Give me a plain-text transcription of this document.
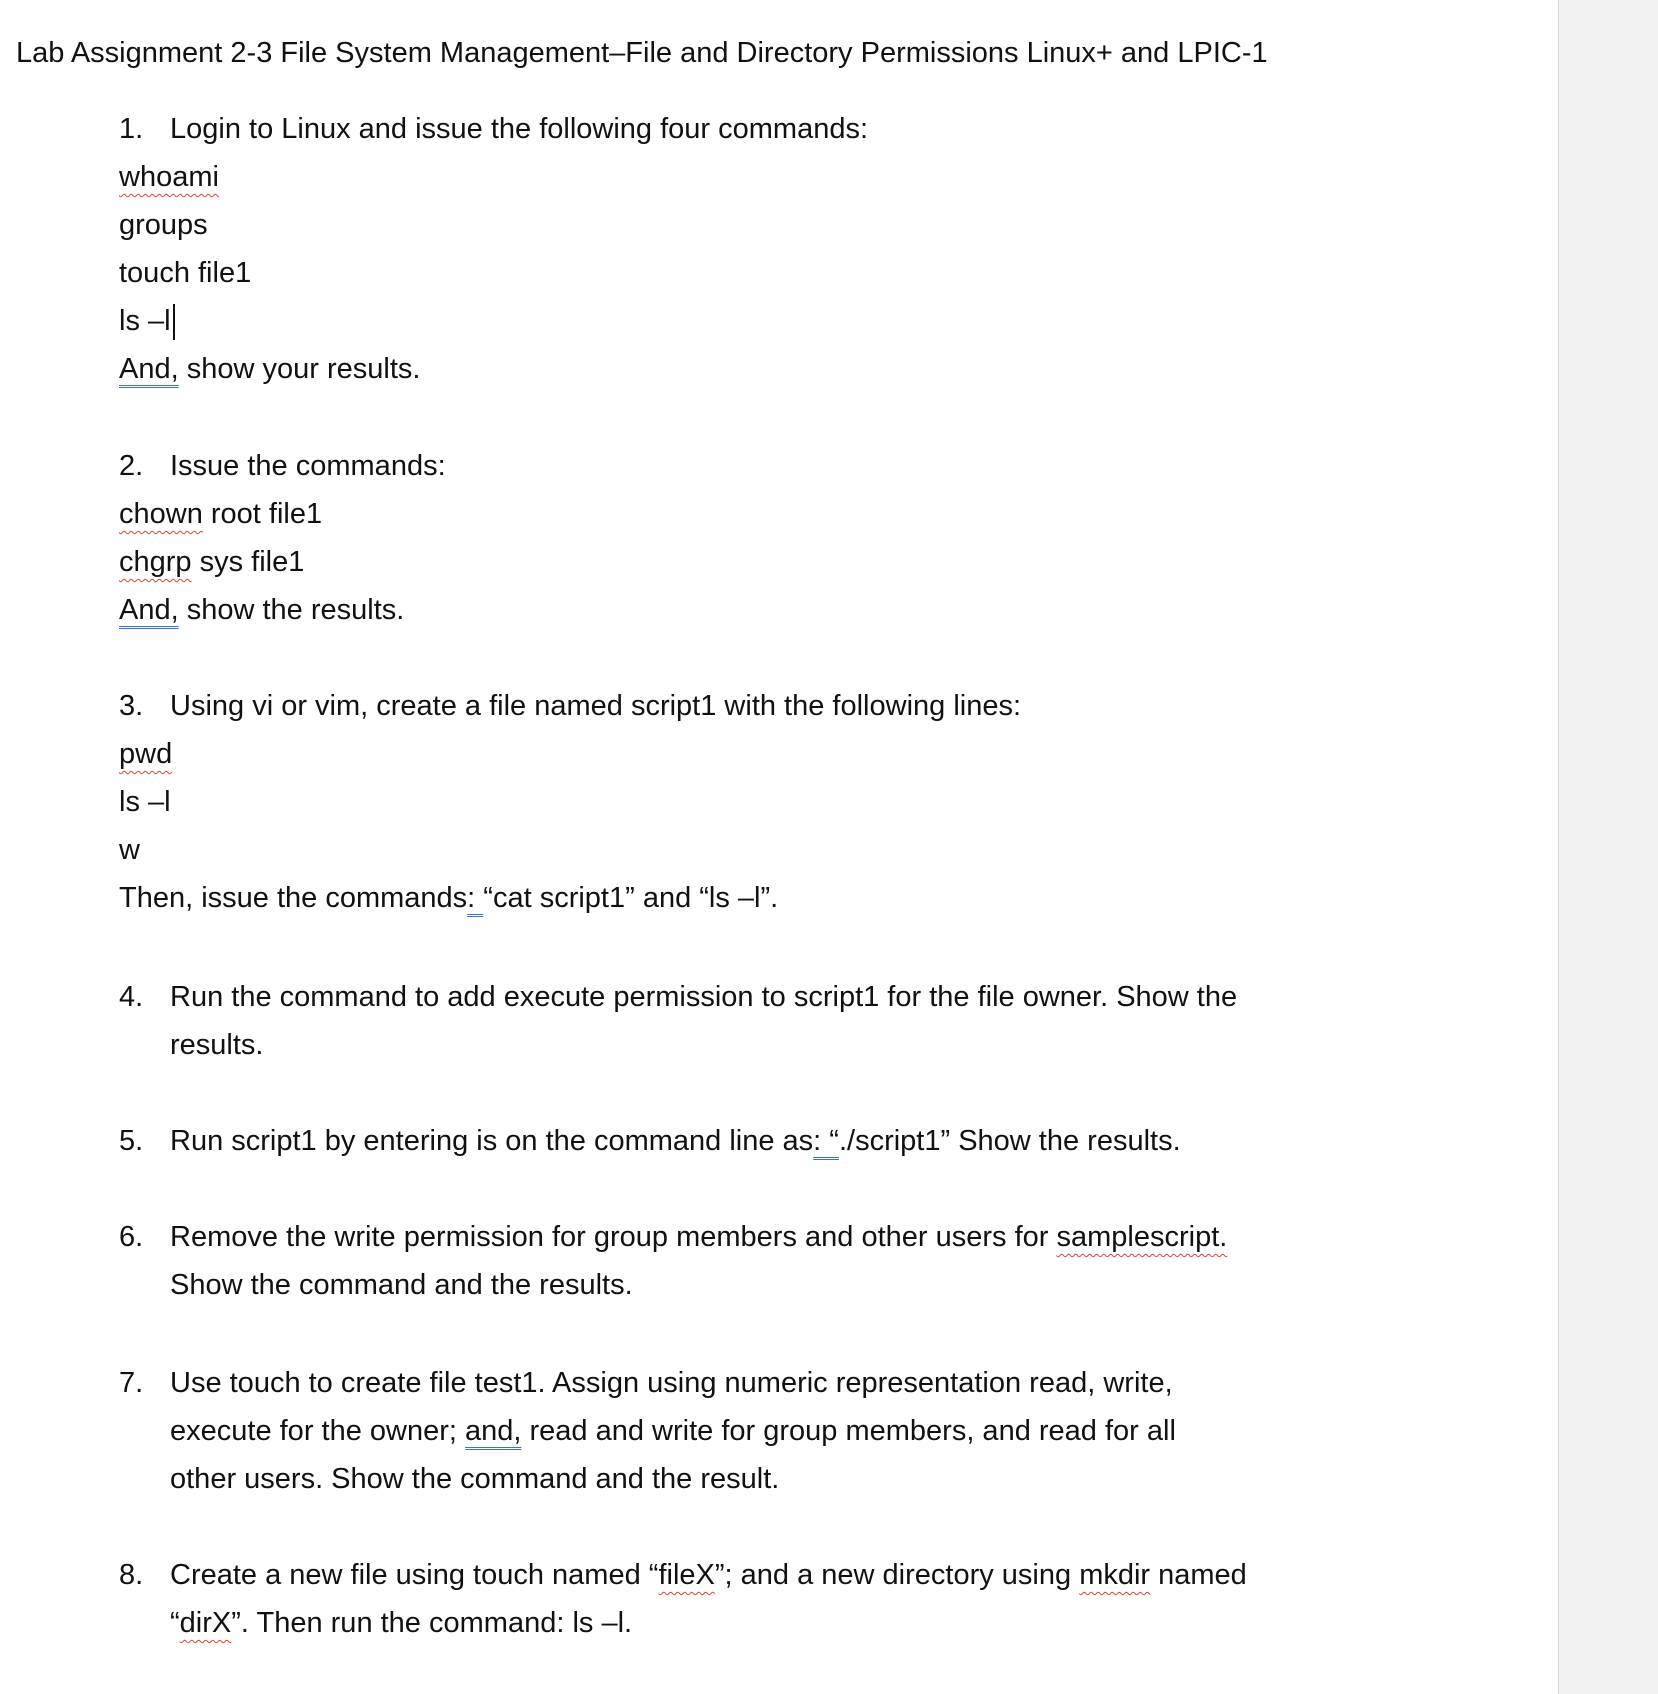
Lab Assignment 2-3 File System Management–File and Directory Permissions Linux+ and LPIC-1
1. Login to Linux and issue the following four commands:
whoami
groups
touch file1
ls –l
And, show your results.
2. Issue the commands:
chown root file1
chgrp sys file1
And, show the results.
3. Using vi or vim, create a file named script1 with the following lines:
pwd
ls –l
w
Then, issue the commands: “cat script1” and “ls –l”.
4. Run the command to add execute permission to script1 for the file owner. Show the
results.
5. Run script1 by entering is on the command line as: “./script1” Show the results.
6. Remove the write permission for group members and other users for samplescript.
Show the command and the results.
7. Use touch to create file test1. Assign using numeric representation read, write,
execute for the owner; and, read and write for group members, and read for all
other users. Show the command and the result.
8. Create a new file using touch named “fileX”; and a new directory using mkdir named
“dirX”. Then run the command: ls –l.
